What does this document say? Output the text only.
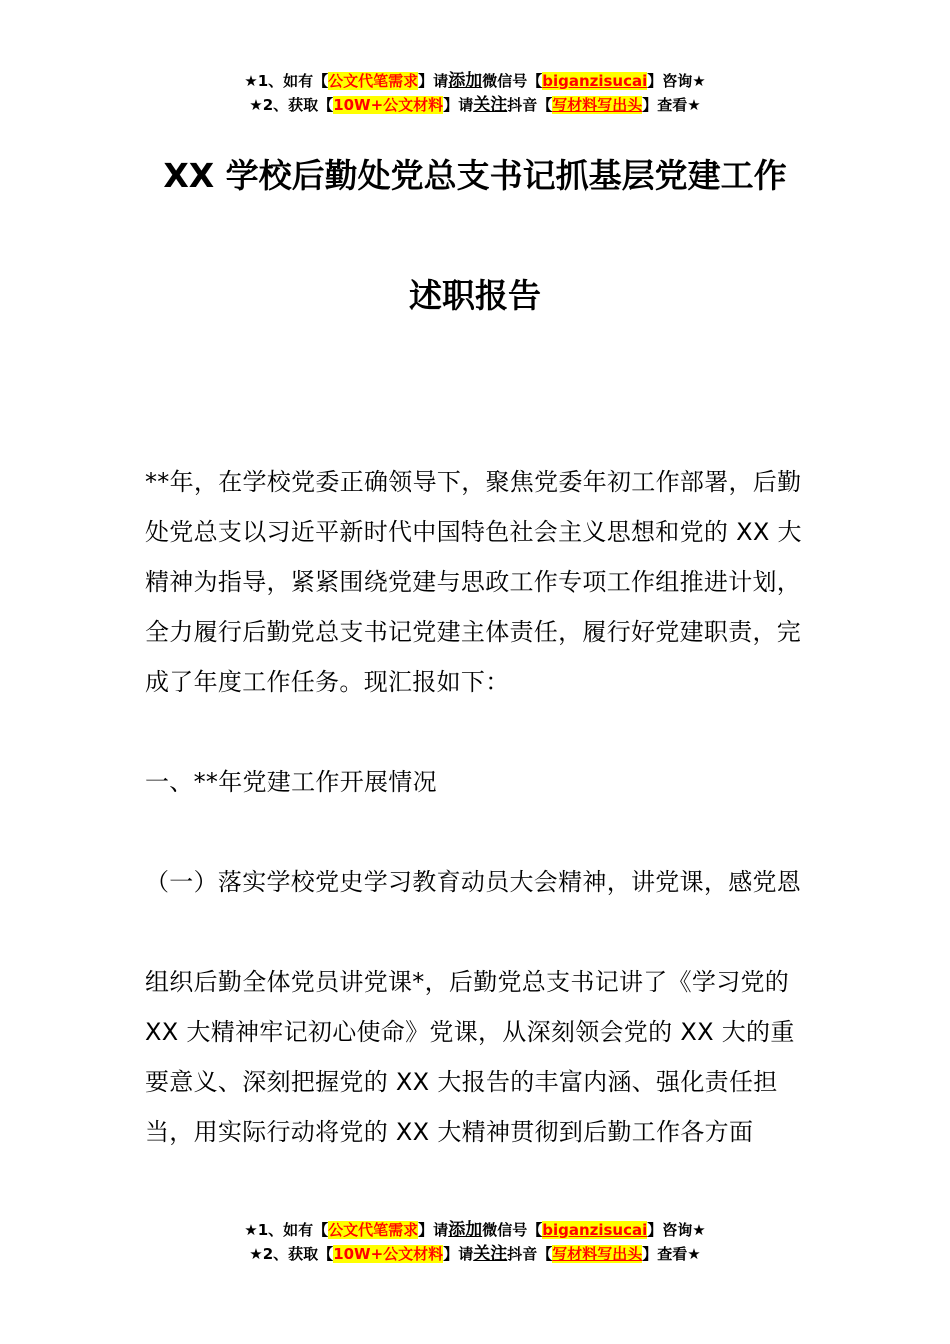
★1、如有【公文代笔需求】请添加微信号【biganzisucai】咨询★
★2、获取【10W+公文材料】请关注抖音【写材料写出头】查看★
XX 学校后勤处党总支书记抓基层党建工作
述职报告

**年，在学校党委正确领导下，聚焦党委年初工作部署，后勤处党总支以习近平新时代中国特色社会主义思想和党的 XX 大精神为指导，紧紧围绕党建与思政工作专项工作组推进计划，全力履行后勤党总支书记党建主体责任，履行好党建职责，完成了年度工作任务。现汇报如下：

一、**年党建工作开展情况

（一）落实学校党史学习教育动员大会精神，讲党课，感党恩

组织后勤全体党员讲党课*，后勤党总支书记讲了《学习党的 XX 大精神牢记初心使命》党课，从深刻领会党的 XX 大的重要意义、深刻把握党的 XX 大报告的丰富内涵、强化责任担当，用实际行动将党的 XX 大精神贯彻到后勤工作各方面

★1、如有【公文代笔需求】请添加微信号【biganzisucai】咨询★
★2、获取【10W+公文材料】请关注抖音【写材料写出头】查看★
